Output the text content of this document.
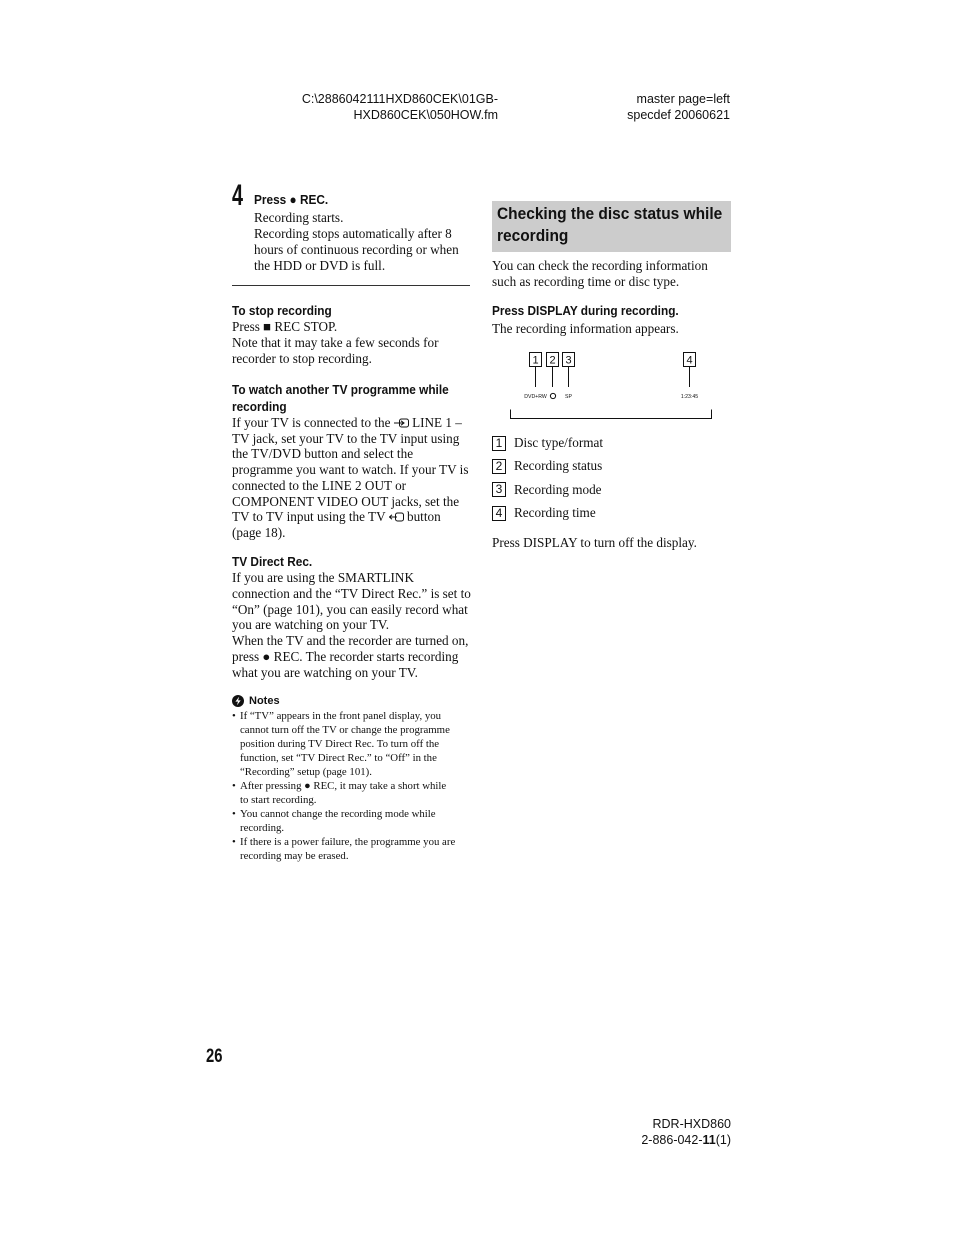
C:\2886042111HXD860CEK\01GB-
HXD860CEK\050HOW.fm
master page=left
specdef 20060621
4 Press ● REC.
Recording starts.
Recording stops automatically after 8
hours of continuous recording or when
the HDD or DVD is full.
To stop recording
Press ■ REC STOP.
Note that it may take a few seconds for
recorder to stop recording.
To watch another TV programme while
recording
If your TV is connected to the LINE 1 –
TV jack, set your TV to the TV input using
the TV/DVD button and select the
programme you want to watch. If your TV is
connected to the LINE 2 OUT or
COMPONENT VIDEO OUT jacks, set the
TV to TV input using the TV button
(page 18).
TV Direct Rec.
If you are using the SMARTLINK
connection and the “TV Direct Rec.” is set to
“On” (page 101), you can easily record what
you are watching on your TV.
When the TV and the recorder are turned on,
press ● REC. The recorder starts recording
what you are watching on your TV.
Notes
• If “TV” appears in the front panel display, you
cannot turn off the TV or change the programme
position during TV Direct Rec. To turn off the
function, set “TV Direct Rec.” to “Off” in the
“Recording” setup (page 101).
• After pressing ● REC, it may take a short while
to start recording.
• You cannot change the recording mode while
recording.
• If there is a power failure, the programme you are
recording may be erased.
Checking the disc status while
recording
You can check the recording information
such as recording time or disc type.
Press DISPLAY during recording.
The recording information appears.
1 2 3	4
DVD+RW	SP	1:23:45
1 Disc type/format
2 Recording status
3 Recording mode
4 Recording time
Press DISPLAY to turn off the display.
26
RDR-HXD860
2-886-042-11(1)
